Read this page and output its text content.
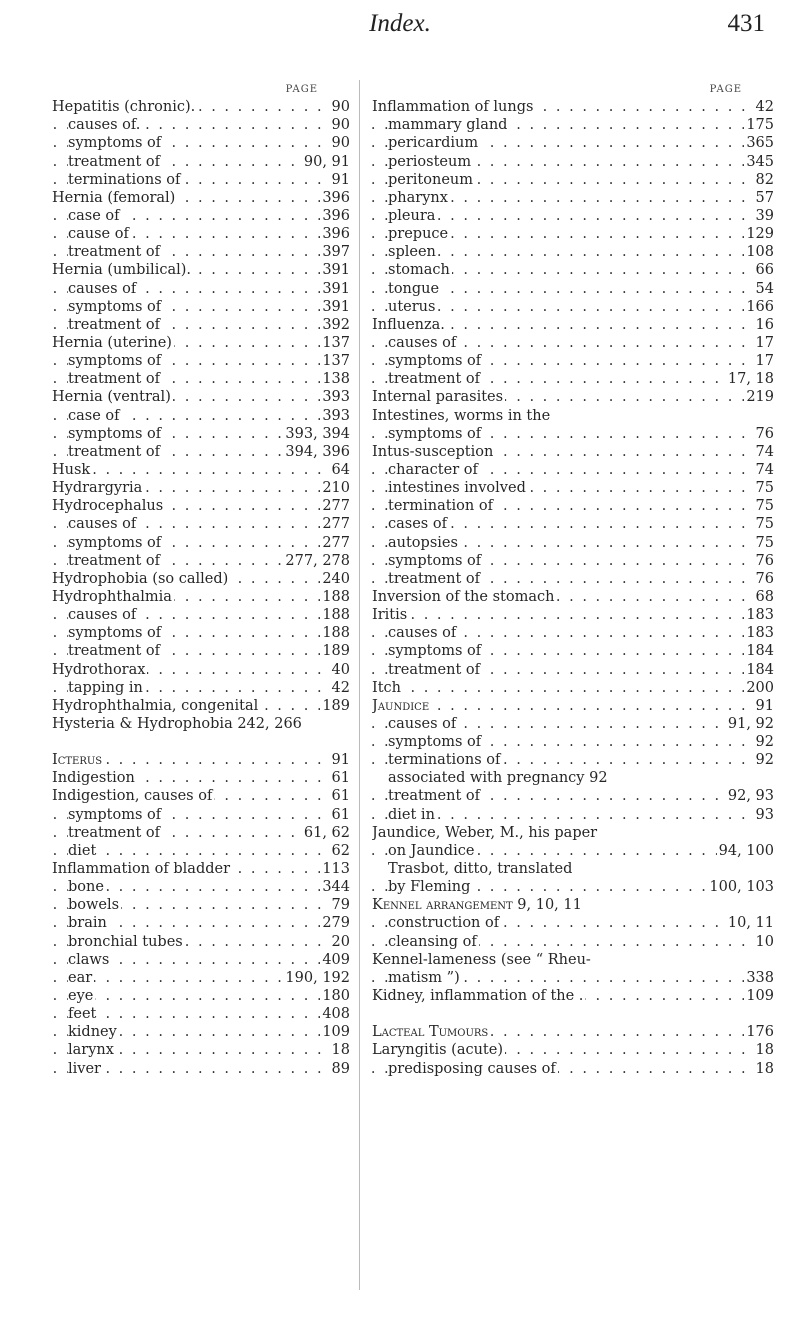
Index.	431
PAGE
. . . Hepatitis (chronic).	90
. . . causes of.	90
. . . symptoms of	90
. . . treatment of	90, 91
. . . terminations of	91
. . . Hernia (femoral)	396
. . . case of	396
. . . cause of	396
. . . treatment of	397
. . . Hernia (umbilical).	391
. . . causes of	391
. . . symptoms of	391
. . . treatment of	392
. . . Hernia (uterine)	137
. . . symptoms of	137
. . . treatment of	138
. . . Hernia (ventral)	393
. . . case of	393
. . . symptoms of	393, 394
. . . treatment of	394, 396
. . . Husk	64
. . . Hydrargyria	210
. . . Hydrocephalus	277
. . . causes of	277
. . . symptoms of	277
. . . treatment of	277, 278
. . . Hydrophobia (so called)	240
. . . Hydrophthalmia	188
. . . causes of	188
. . . symptoms of	188
. . . treatment of	189
. . . Hydrothorax	40
. . . tapping in	42
. . . Hydrophthalmia, congenital	189
Hysteria & Hydrophobia 242, 266
. . . Icterus	91
. . . Indigestion	61
. . . Indigestion, causes of	61
. . . symptoms of	61
. . . treatment of	61, 62
. . . diet	62
. . . Inflammation of bladder	113
. . . bone	344
. . . bowels	79
. . . brain	279
. . . bronchial tubes	20
. . . claws	409
. . . ear	190, 192
. . . eye	180
. . . feet	408
. . . kidney	109
. . . larynx	18
. . . liver	89
PAGE
. . . Inflammation of lungs	42
. . . mammary gland	175
. . . pericardium	365
. . . periosteum	345
. . . peritoneum	82
. . . pharynx	57
. . . pleura	39
. . . prepuce	129
. . . spleen	108
. . . stomach	66
. . . tongue	54
. . . uterus	166
. . . Influenza.	16
. . . causes of	17
. . . symptoms of	17
. . . treatment of	17, 18
. . . Internal parasites	219
Intestines, worms in the
. . . symptoms of	76
. . . Intus-susception	74
. . . character of	74
. . . intestines involved	75
. . . termination of	75
. . . cases of	75
. . . autopsies	75
. . . symptoms of	76
. . . treatment of	76
. . . Inversion of the stomach	68
. . . Iritis	183
. . . causes of	183
. . . symptoms of	184
. . . treatment of	184
. . . Itch	200
. . . Jaundice	91
. . . causes of	91, 92
. . . symptoms of	92
. . . terminations of	92
associated with pregnancy 92
. . . treatment of	92, 93
. . . diet in	93
Jaundice, Weber, M., his paper
. . . on Jaundice	94, 100
Trasbot, ditto, translated
. . . by Fleming	100, 103
Kennel arrangement 9, 10, 11
. . . construction of	10, 11
. . . cleansing of	10
Kennel-lameness (see “ Rheu-
. . . matism ”)	338
. . . Kidney, inflammation of the .	109
. . . Lacteal Tumours	176
. . . Laryngitis (acute)	18
. . . predisposing causes of	18
